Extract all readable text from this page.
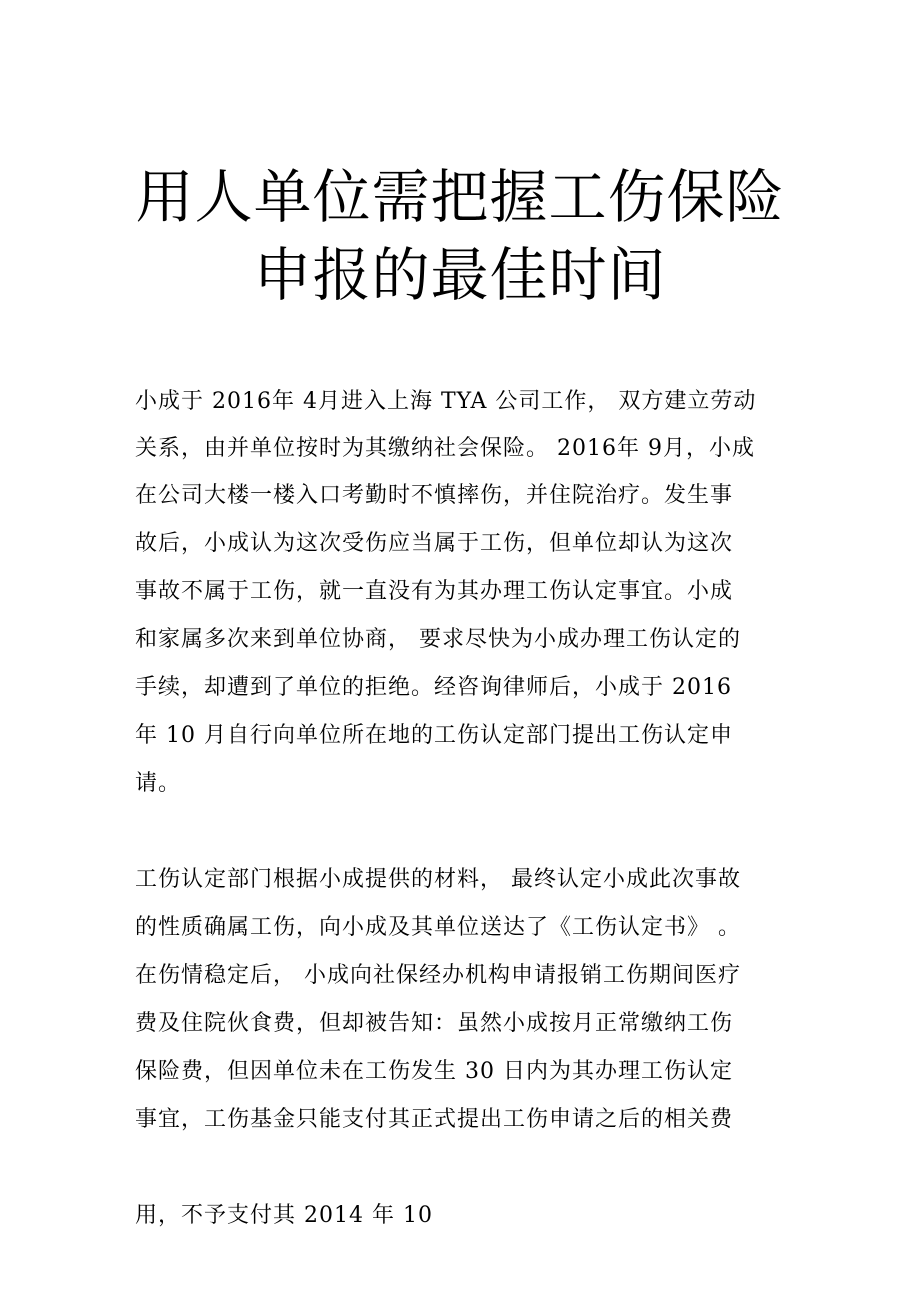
用人单位需把握工伤保险
申报的最佳时间
小成于 2016年 4月进入上海 TYA 公司工作， 双方建立劳动
关系，由并单位按时为其缴纳社会保险。 2016年 9月，小成
在公司大楼一楼入口考勤时不慎摔伤，并住院治疗。发生事
故后，小成认为这次受伤应当属于工伤，但单位却认为这次
事故不属于工伤，就一直没有为其办理工伤认定事宜。小成
和家属多次来到单位协商， 要求尽快为小成办理工伤认定的
手续，却遭到了单位的拒绝。经咨询律师后，小成于 2016
年 10 月自行向单位所在地的工伤认定部门提出工伤认定申
请。
工伤认定部门根据小成提供的材料， 最终认定小成此次事故
的性质确属工伤，向小成及其单位送达了《工伤认定书》 。
在伤情稳定后， 小成向社保经办机构申请报销工伤期间医疗
费及住院伙食费，但却被告知：虽然小成按月正常缴纳工伤
保险费，但因单位未在工伤发生 30 日内为其办理工伤认定
事宜，工伤基金只能支付其正式提出工伤申请之后的相关费
用，不予支付其 2014 年 10
